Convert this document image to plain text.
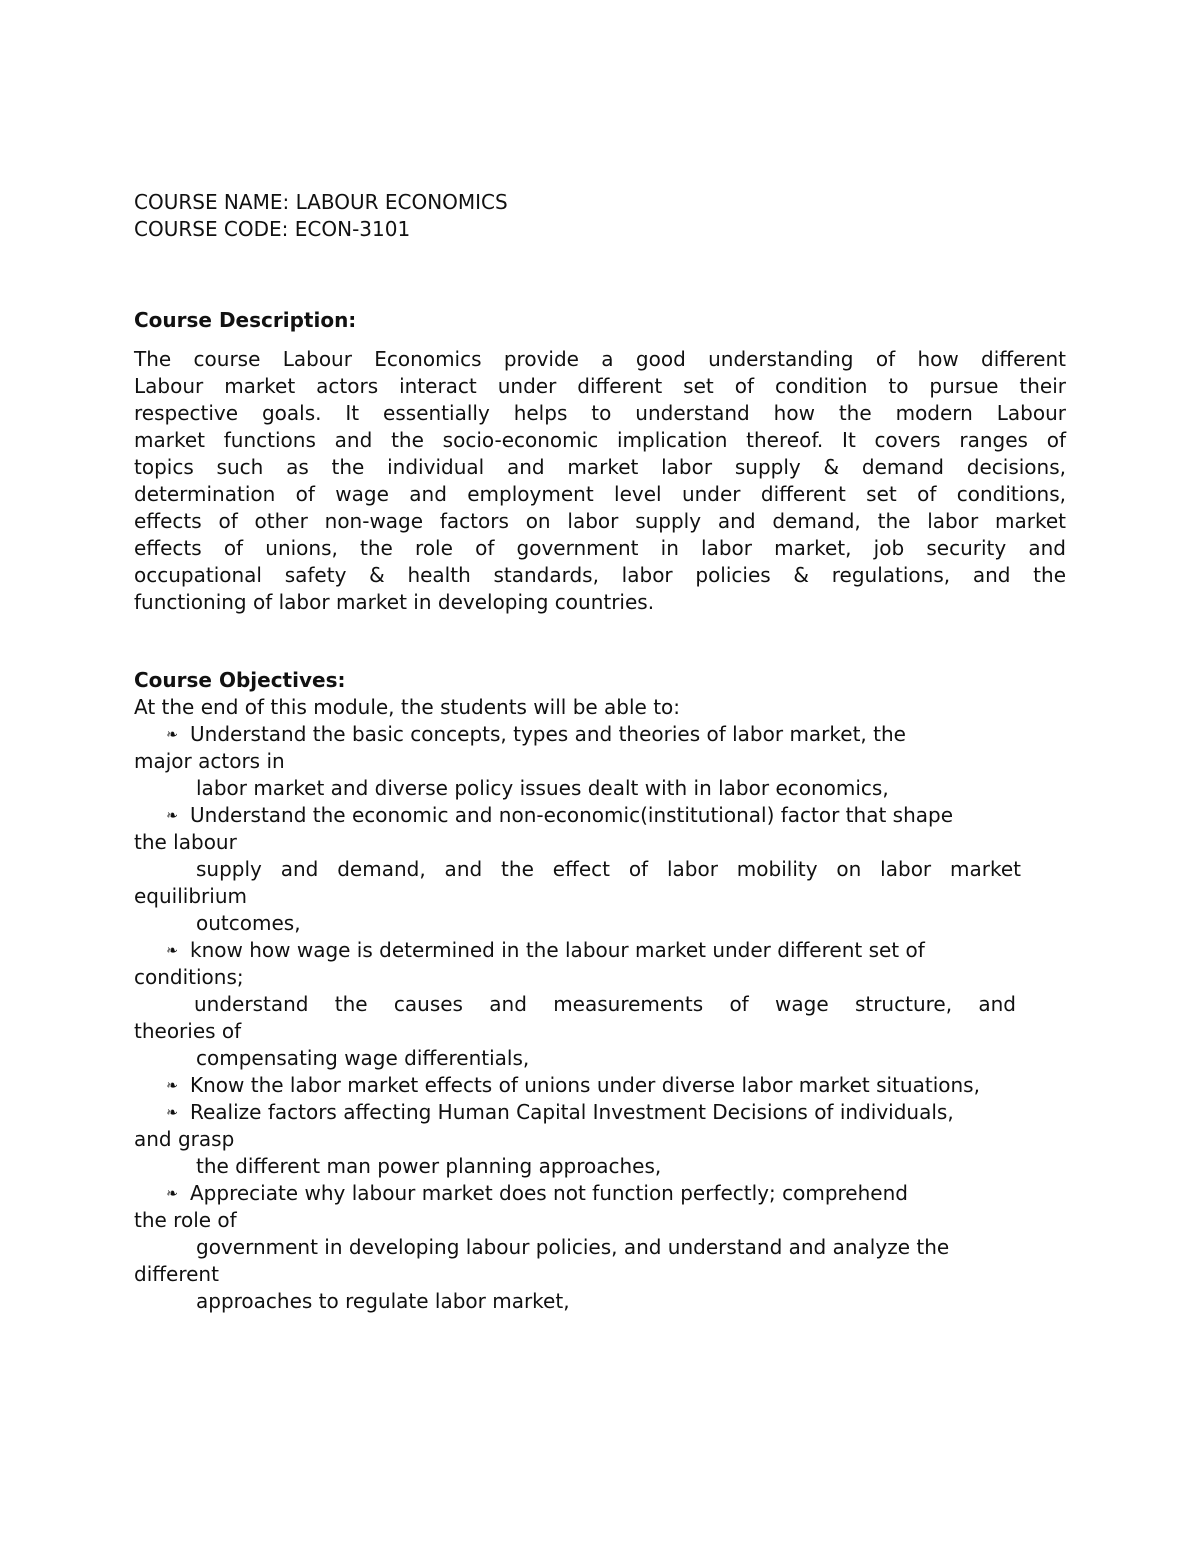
COURSE NAME: LABOUR ECONOMICS
COURSE CODE: ECON-3101
Course Description:
The course Labour Economics provide a good understanding of how different
Labour market actors interact under different set of condition to pursue their
respective goals. It essentially helps to understand how the modern Labour
market functions and the socio-economic implication thereof. It covers ranges of
topics such as the individual and market labor supply & demand decisions,
determination of wage and employment level under different set of conditions,
effects of other non-wage factors on labor supply and demand, the labor market
effects of unions, the role of government in labor market, job security and
occupational safety & health standards, labor policies & regulations, and the
functioning of labor market in developing countries.
Course Objectives:
At the end of this module, the students will be able to:
❧ Understand the basic concepts, types and theories of labor market, the
major actors in
labor market and diverse policy issues dealt with in labor economics,
❧ Understand the economic and non-economic(institutional) factor that shape
the labour
supply and demand, and the effect of labor mobility on labor market
equilibrium
outcomes,
❧ know how wage is determined in the labour market under different set of
conditions;
understand the causes and measurements of wage structure, and
theories of
compensating wage differentials,
❧ Know the labor market effects of unions under diverse labor market situations,
❧ Realize factors affecting Human Capital Investment Decisions of individuals,
and grasp
the different man power planning approaches,
❧ Appreciate why labour market does not function perfectly; comprehend
the role of
government in developing labour policies, and understand and analyze the
different
approaches to regulate labor market,
